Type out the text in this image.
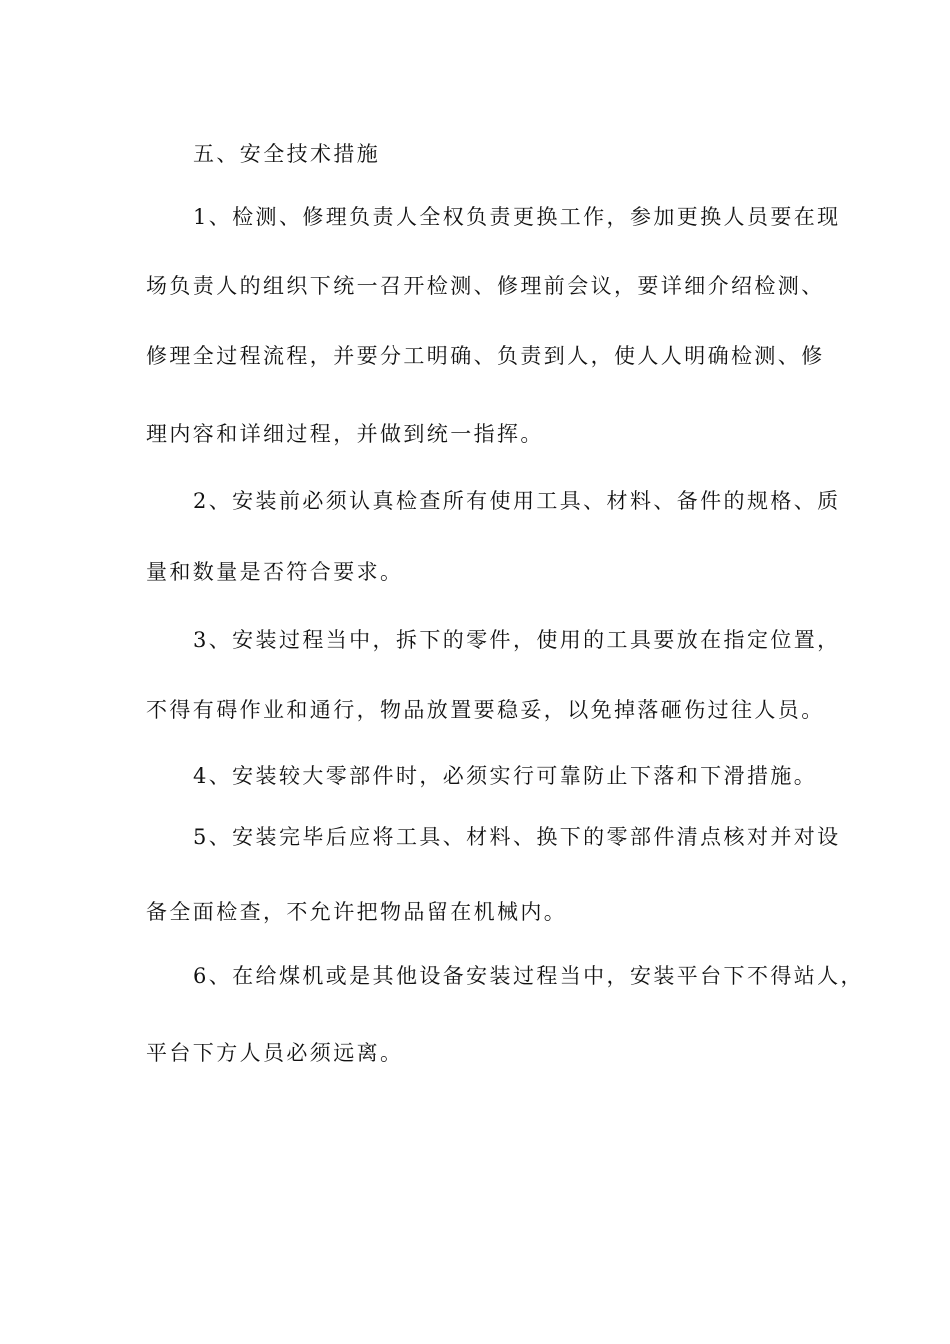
五、安全技术措施
1、检测、修理负责人全权负责更换工作，参加更换人员要在现
场负责人的组织下统一召开检测、修理前会议，要详细介绍检测、
修理全过程流程，并要分工明确、负责到人，使人人明确检测、修
理内容和详细过程，并做到统一指挥。
2、安装前必须认真检查所有使用工具、材料、备件的规格、质
量和数量是否符合要求。
3、安装过程当中，拆下的零件，使用的工具要放在指定位置，
不得有碍作业和通行，物品放置要稳妥，以免掉落砸伤过往人员。
4、安装较大零部件时，必须实行可靠防止下落和下滑措施。
5、安装完毕后应将工具、材料、换下的零部件清点核对并对设
备全面检查，不允许把物品留在机械内。
6、在给煤机或是其他设备安装过程当中，安装平台下不得站人，
平台下方人员必须远离。
